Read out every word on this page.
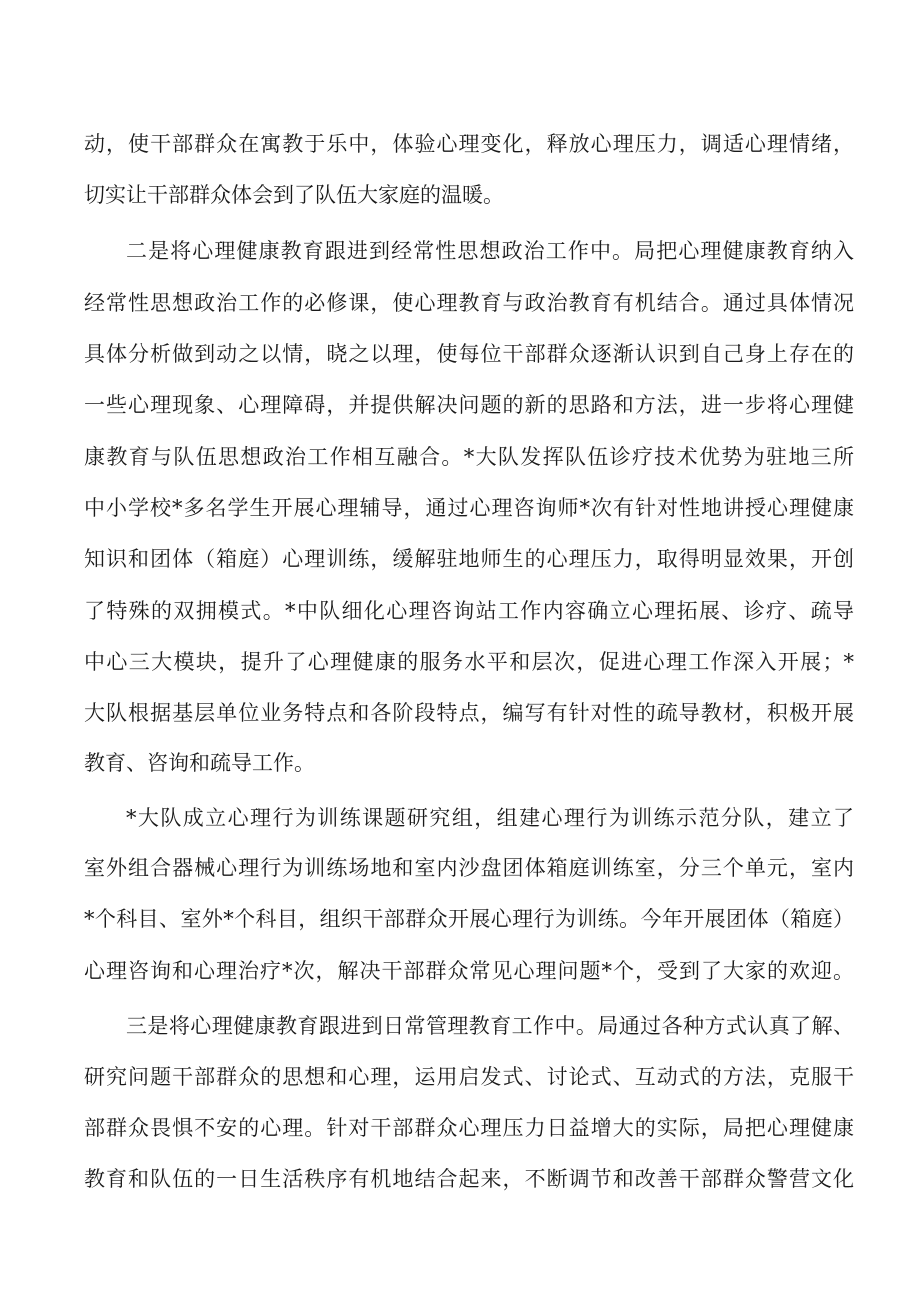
动，使干部群众在寓教于乐中，体验心理变化，释放心理压力，调适心理情绪，
切实让干部群众体会到了队伍大家庭的温暖。
二是将心理健康教育跟进到经常性思想政治工作中。局把心理健康教育纳入
经常性思想政治工作的必修课，使心理教育与政治教育有机结合。通过具体情况
具体分析做到动之以情，晓之以理，使每位干部群众逐渐认识到自己身上存在的
一些心理现象、心理障碍，并提供解决问题的新的思路和方法，进一步将心理健
康教育与队伍思想政治工作相互融合。*大队发挥队伍诊疗技术优势为驻地三所
中小学校*多名学生开展心理辅导，通过心理咨询师*次有针对性地讲授心理健康
知识和团体（箱庭）心理训练，缓解驻地师生的心理压力，取得明显效果，开创
了特殊的双拥模式。*中队细化心理咨询站工作内容确立心理拓展、诊疗、疏导
中心三大模块，提升了心理健康的服务水平和层次，促进心理工作深入开展；*
大队根据基层单位业务特点和各阶段特点，编写有针对性的疏导教材，积极开展
教育、咨询和疏导工作。
*大队成立心理行为训练课题研究组，组建心理行为训练示范分队，建立了
室外组合器械心理行为训练场地和室内沙盘团体箱庭训练室，分三个单元，室内
*个科目、室外*个科目，组织干部群众开展心理行为训练。今年开展团体（箱庭）
心理咨询和心理治疗*次，解决干部群众常见心理问题*个，受到了大家的欢迎。
三是将心理健康教育跟进到日常管理教育工作中。局通过各种方式认真了解、
研究问题干部群众的思想和心理，运用启发式、讨论式、互动式的方法，克服干
部群众畏惧不安的心理。针对干部群众心理压力日益增大的实际，局把心理健康
教育和队伍的一日生活秩序有机地结合起来，不断调节和改善干部群众警营文化
